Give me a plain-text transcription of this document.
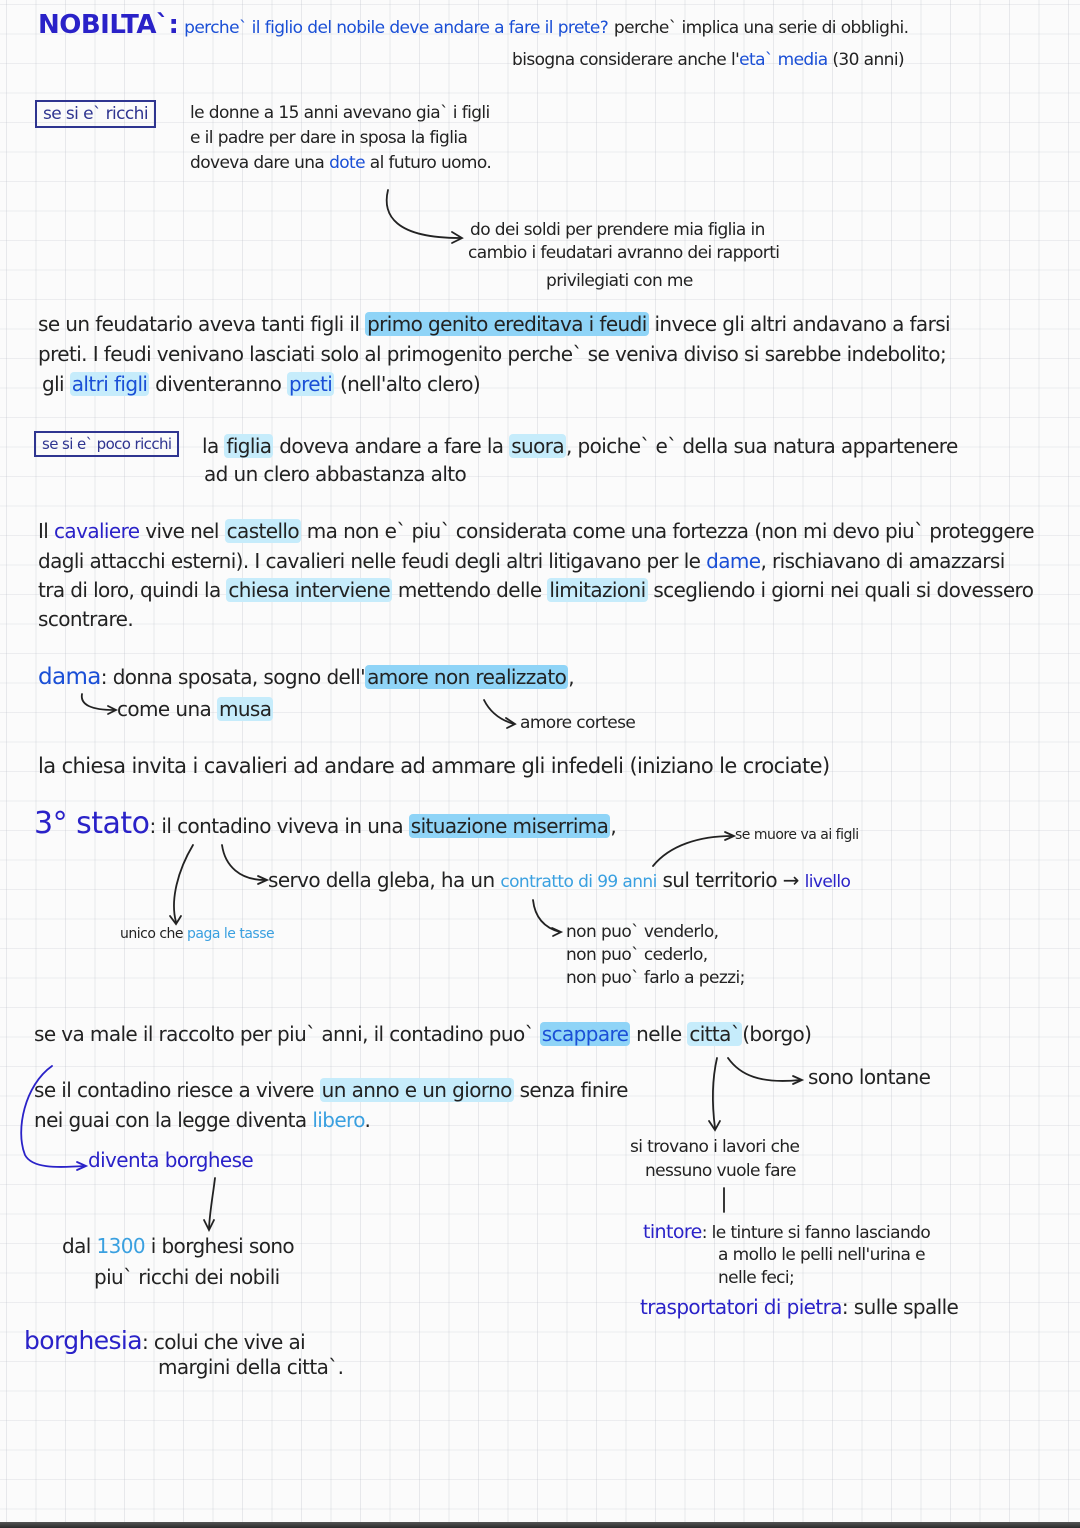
NOBILTA`: perche` il figlio del nobile deve andare a fare il prete? perche` implica una serie di obblighi.
bisogna considerare anche l'eta` media (30 anni)
se si e` ricchi	le donne a 15 anni avevano gia` i figli
e il padre per dare in sposa la figlia
doveva dare una dote al futuro uomo.
do dei soldi per prendere mia figlia in
cambio i feudatari avranno dei rapporti
privilegiati con me
se un feudatario aveva tanti figli il primo genito ereditava i feudi invece gli altri andavano a farsi
preti. I feudi venivano lasciati solo al primogenito perche` se veniva diviso si sarebbe indebolito;
gli altri figli diventeranno preti (nell'alto clero)
se si e` poco ricchi	la figlia doveva andare a fare la suora , poiche` e` della sua natura appartenere
ad un clero abbastanza alto
Il cavaliere vive nel castello ma non e` piu` considerata come una fortezza (non mi devo piu` proteggere
dagli attacchi esterni). I cavalieri nelle feudi degli altri litigavano per le dame, rischiavano di amazzarsi
tra di loro, quindi la chiesa interviene mettendo delle limitazioni scegliendo i giorni nei quali si dovessero
scontrare.
dama: donna sposata, sogno dell' amore non realizzato ,
come una musa
amore cortese
la chiesa invita i cavalieri ad andare ad ammare gli infedeli (iniziano le crociate)
3° stato: il contadino viveva in una situazione miserrima ,	se muore va ai figli
servo della gleba, ha un contratto di 99 anni sul territorio → livello
unico che paga le tasse	non puo` venderlo,
non puo` cederlo,
non puo` farlo a pezzi;
se va male il raccolto per piu` anni, il contadino puo` scappare nelle citta` (borgo)
sono lontane
se il contadino riesce a vivere un anno e un giorno senza finire
nei guai con la legge diventa libero.
diventa borghese
si trovano i lavori che
nessuno vuole fare
dal 1300 i borghesi sono
piu` ricchi dei nobili
tintore: le tinture si fanno lasciando
a mollo le pelli nell'urina e
nelle feci;
trasportatori di pietra: sulle spalle
borghesia: colui che vive ai
margini della citta`.
